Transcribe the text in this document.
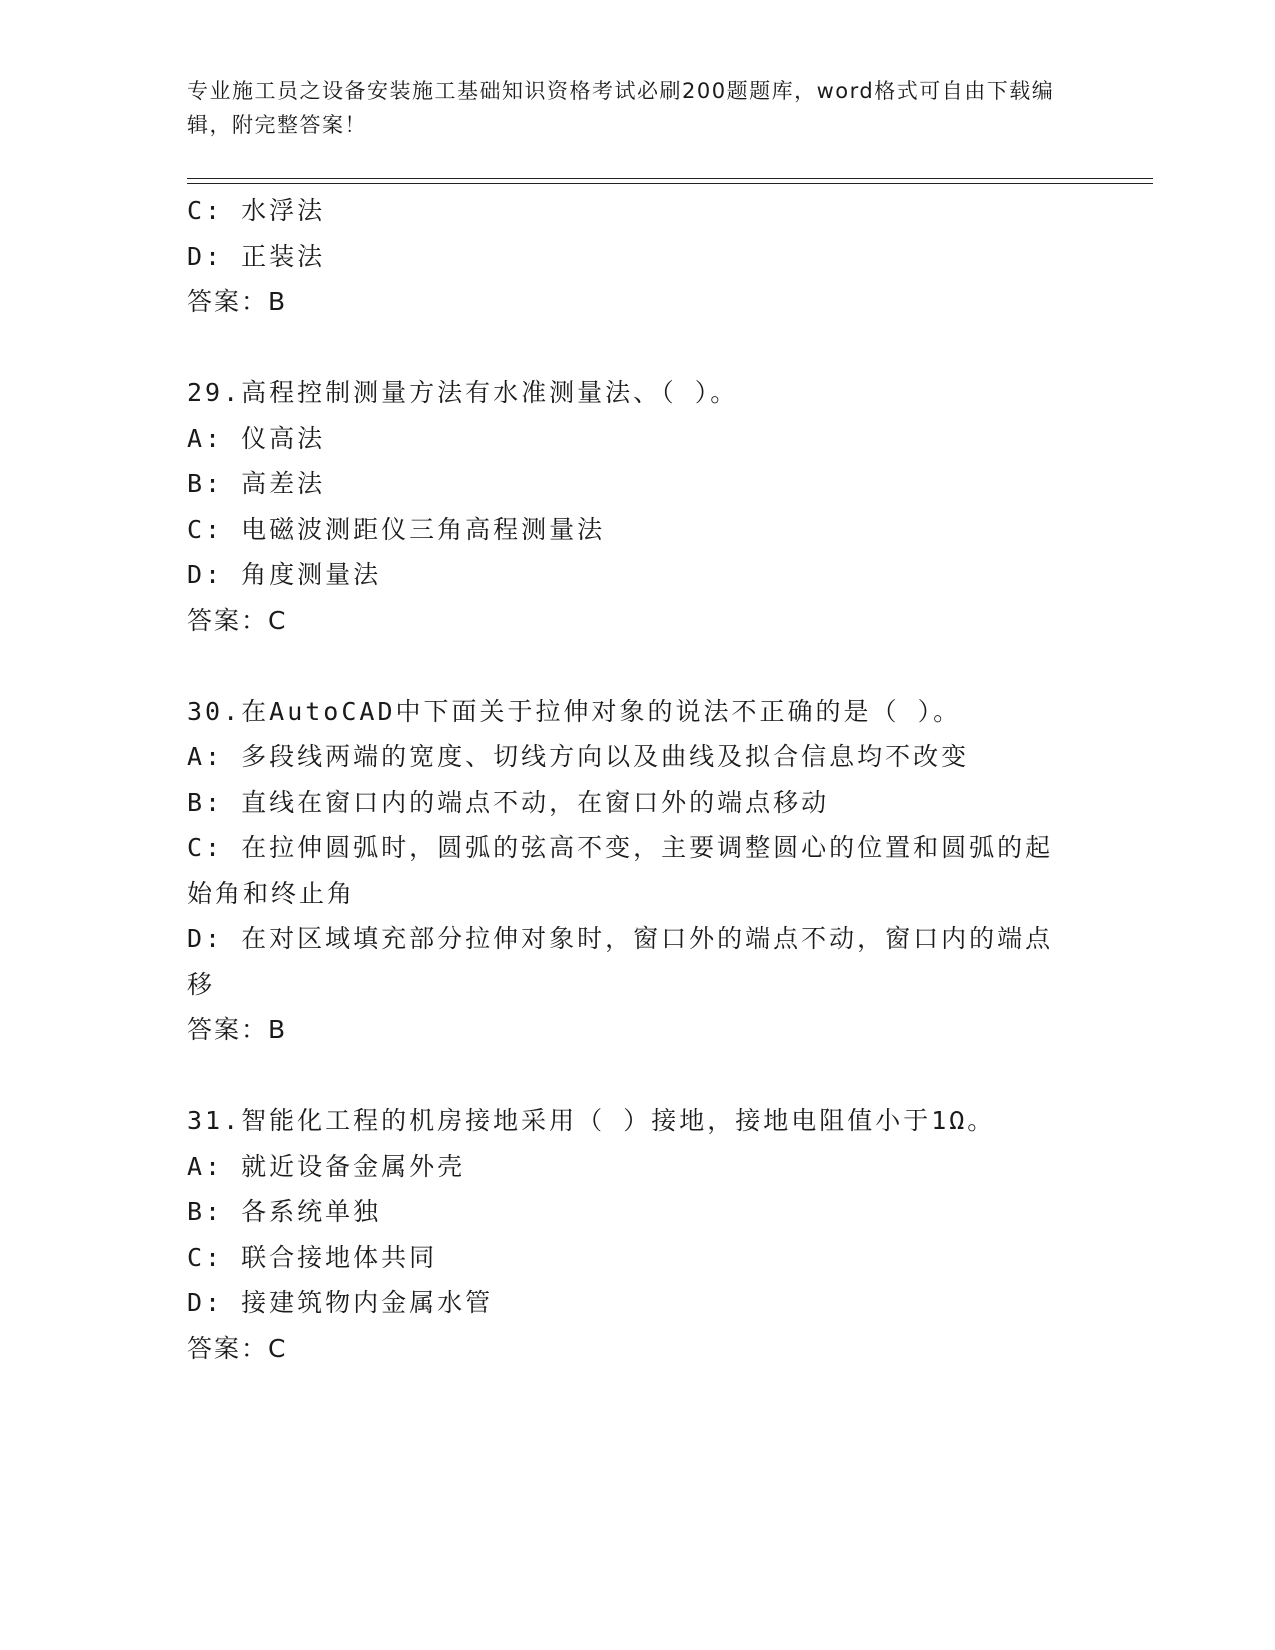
专业施工员之设备安装施工基础知识资格考试必刷200题题库，word格式可自由下载编辑，附完整答案！
C: 水浮法
D: 正装法
答案：B
29.高程控制测量方法有水准测量法、（ ）。
A: 仪高法
B: 高差法
C: 电磁波测距仪三角高程测量法
D: 角度测量法
答案：C
30.在AutoCAD中下面关于拉伸对象的说法不正确的是（ ）。
A: 多段线两端的宽度、切线方向以及曲线及拟合信息均不改变
B: 直线在窗口内的端点不动，在窗口外的端点移动
C: 在拉伸圆弧时，圆弧的弦高不变，主要调整圆心的位置和圆弧的起
始角和终止角
D: 在对区域填充部分拉伸对象时，窗口外的端点不动，窗口内的端点
移
答案：B
31.智能化工程的机房接地采用（ ）接地，接地电阻值小于1Ω。
A: 就近设备金属外壳
B: 各系统单独
C: 联合接地体共同
D: 接建筑物内金属水管
答案：C
